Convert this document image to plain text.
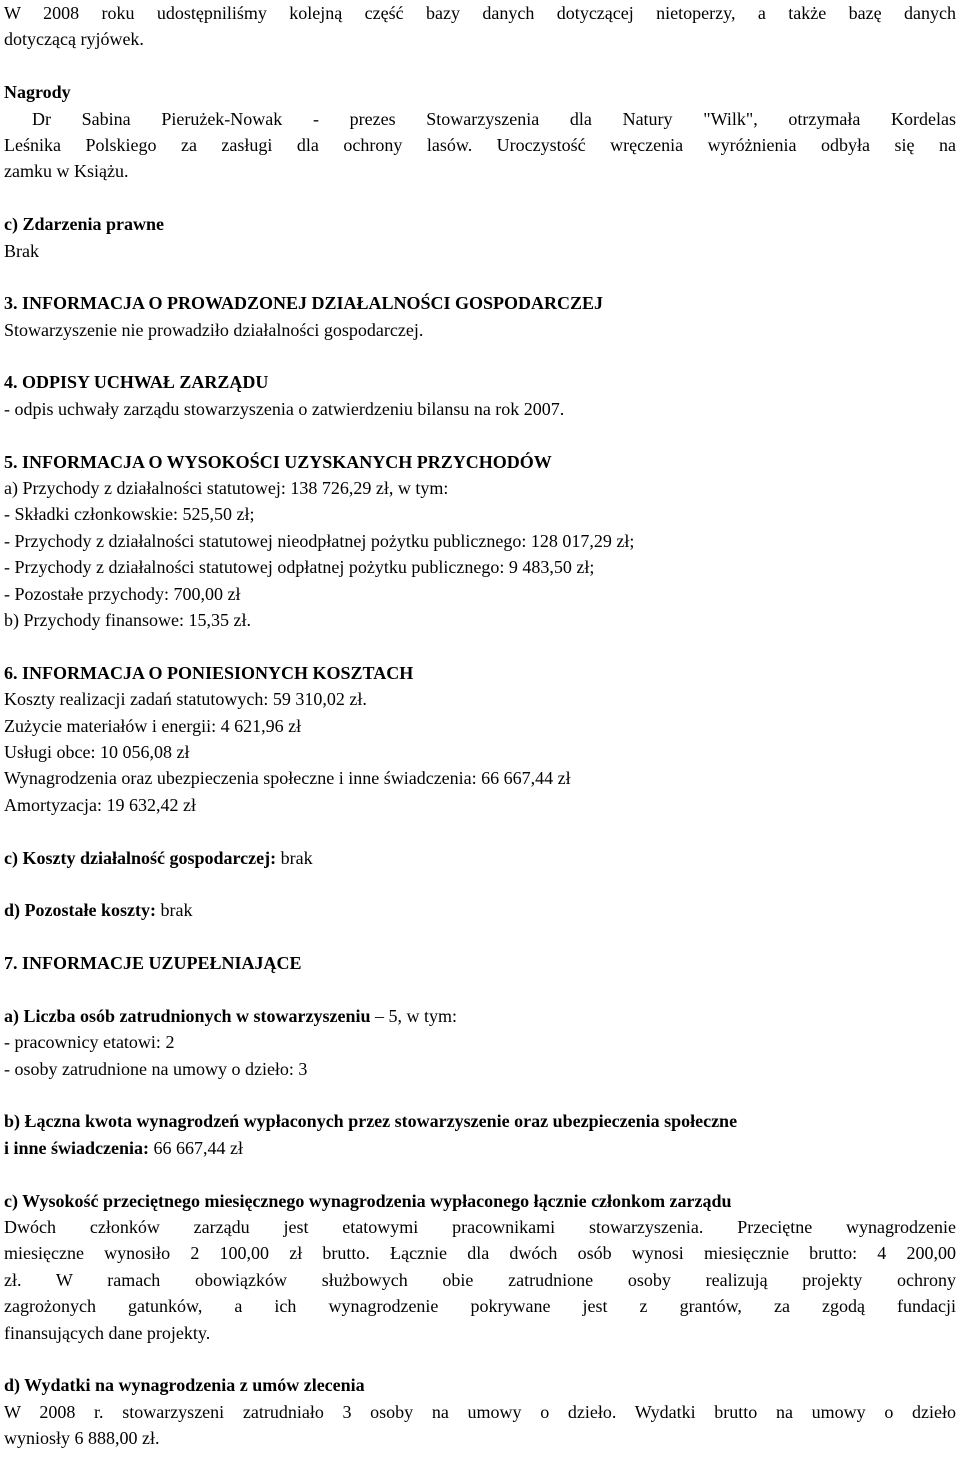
W 2008 roku udostępniliśmy kolejną część bazy danych dotyczącej nietoperzy, a także bazę danych
dotyczącą ryjówek.
Nagrody
Dr Sabina Pierużek-Nowak - prezes Stowarzyszenia dla Natury "Wilk", otrzymała Kordelas
Leśnika Polskiego za zasługi dla ochrony lasów. Uroczystość wręczenia wyróżnienia odbyła się na
zamku w Książu.
c) Zdarzenia prawne
Brak
3. INFORMACJA O PROWADZONEJ DZIAŁALNOŚCI GOSPODARCZEJ
Stowarzyszenie nie prowadziło działalności gospodarczej.
4. ODPISY UCHWAŁ ZARZĄDU
- odpis uchwały zarządu stowarzyszenia o zatwierdzeniu bilansu na rok 2007.
5. INFORMACJA O WYSOKOŚCI UZYSKANYCH PRZYCHODÓW
a) Przychody z działalności statutowej: 138 726,29 zł, w tym:
- Składki członkowskie: 525,50 zł;
- Przychody z działalności statutowej nieodpłatnej pożytku publicznego: 128 017,29 zł;
- Przychody z działalności statutowej odpłatnej pożytku publicznego: 9 483,50 zł;
- Pozostałe przychody: 700,00 zł
b) Przychody finansowe: 15,35 zł.
6. INFORMACJA O PONIESIONYCH KOSZTACH
Koszty realizacji zadań statutowych: 59 310,02 zł.
Zużycie materiałów i energii: 4 621,96 zł
Usługi obce: 10 056,08 zł
Wynagrodzenia oraz ubezpieczenia społeczne i inne świadczenia: 66 667,44 zł
Amortyzacja: 19 632,42 zł
c) Koszty działalność gospodarczej: brak
d) Pozostałe koszty: brak
7. INFORMACJE UZUPEŁNIAJĄCE
a) Liczba osób zatrudnionych w stowarzyszeniu – 5, w tym:
- pracownicy etatowi: 2
- osoby zatrudnione na umowy o dzieło: 3
b) Łączna kwota wynagrodzeń wypłaconych przez stowarzyszenie oraz ubezpieczenia społeczne
i inne świadczenia: 66 667,44 zł
c) Wysokość przeciętnego miesięcznego wynagrodzenia wypłaconego łącznie członkom zarządu
Dwóch członków zarządu jest etatowymi pracownikami stowarzyszenia. Przeciętne wynagrodzenie
miesięczne wynosiło 2 100,00 zł brutto. Łącznie dla dwóch osób wynosi miesięcznie brutto: 4 200,00
zł. W ramach obowiązków służbowych obie zatrudnione osoby realizują projekty ochrony
zagrożonych gatunków, a ich wynagrodzenie pokrywane jest z grantów, za zgodą fundacji
finansujących dane projekty.
d) Wydatki na wynagrodzenia z umów zlecenia
W 2008 r. stowarzyszeni zatrudniało 3 osoby na umowy o dzieło. Wydatki brutto na umowy o dzieło
wyniosły 6 888,00 zł.
